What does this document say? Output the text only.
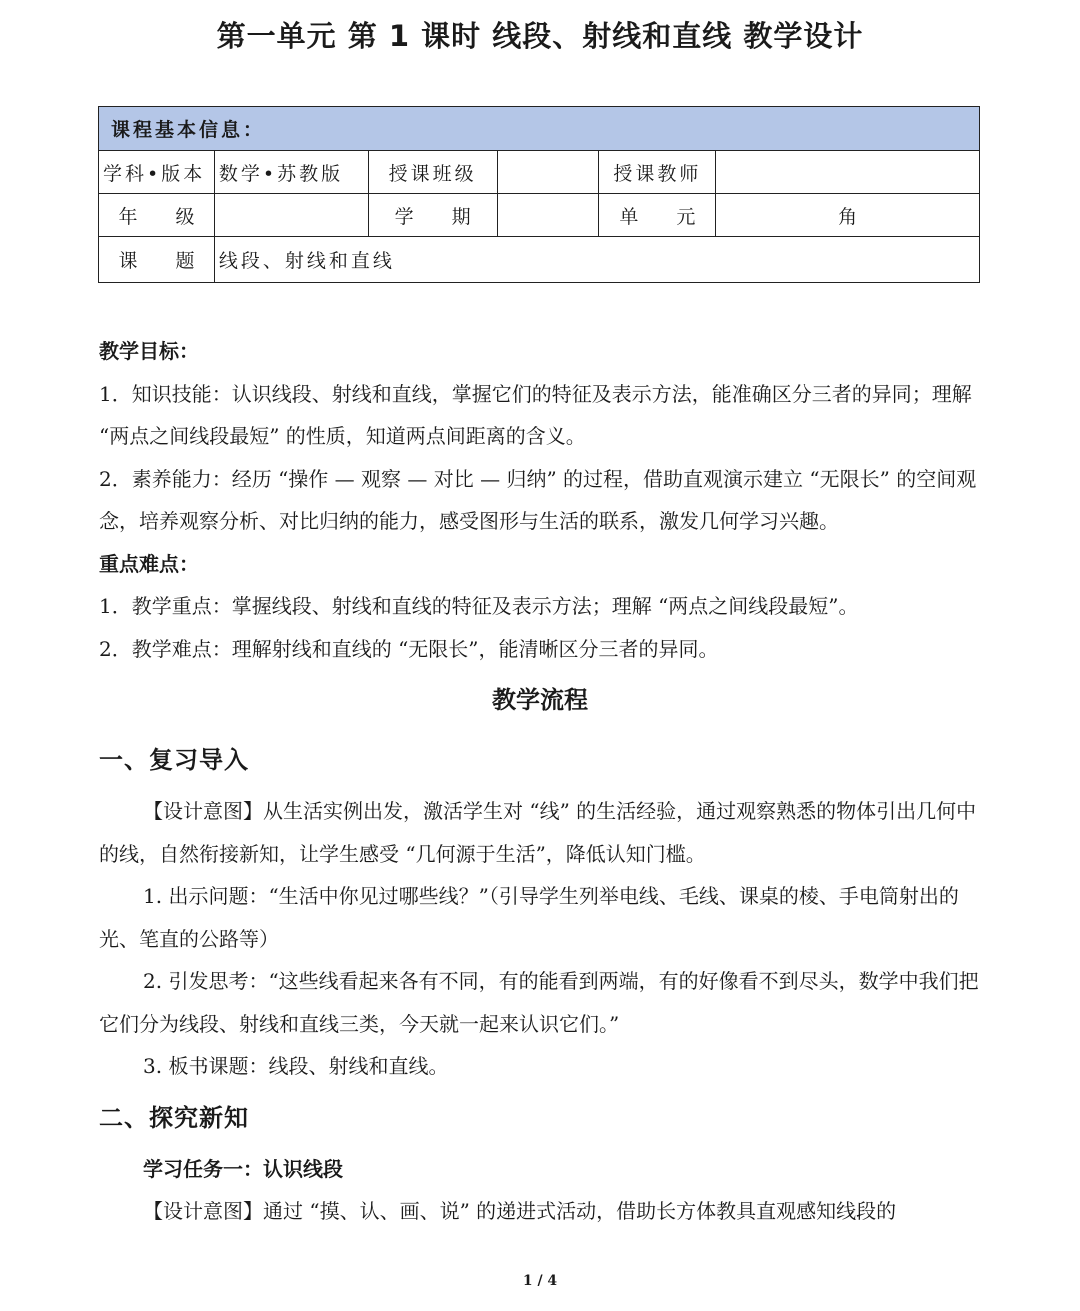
第一单元 第 1 课时 线段、射线和直线 教学设计
课程基本信息：					
学科•版本	数学•苏教版	授课班级		授课教师	
年　　级		学　　期		单　　元	角
课　　题	线段、射线和直线				

教学目标：

1．知识技能：认识线段、射线和直线，掌握它们的特征及表示方法，能准确区分三者的异同；理解 “两点之间线段最短” 的性质，知道两点间距离的含义。

2．素养能力：经历 “操作 — 观察 — 对比 — 归纳” 的过程，借助直观演示建立 “无限长” 的空间观念，培养观察分析、对比归纳的能力，感受图形与生活的联系，激发几何学习兴趣。

重点难点：

1．教学重点：掌握线段、射线和直线的特征及表示方法；理解 “两点之间线段最短”。

2．教学难点：理解射线和直线的 “无限长”，能清晰区分三者的异同。

教学流程

一、复习导入

【设计意图】从生活实例出发，激活学生对 “线” 的生活经验，通过观察熟悉的物体引出几何中的线，自然衔接新知，让学生感受 “几何源于生活”，降低认知门槛。

1. 出示问题：“生活中你见过哪些线？”（引导学生列举电线、毛线、课桌的棱、手电筒射出的光、笔直的公路等）

2. 引发思考：“这些线看起来各有不同，有的能看到两端，有的好像看不到尽头，数学中我们把它们分为线段、射线和直线三类，今天就一起来认识它们。”

3. 板书课题：线段、射线和直线。

二、探究新知

学习任务一：认识线段

【设计意图】通过 “摸、认、画、说” 的递进式活动，借助长方体教具直观感知线段的

1 / 4
